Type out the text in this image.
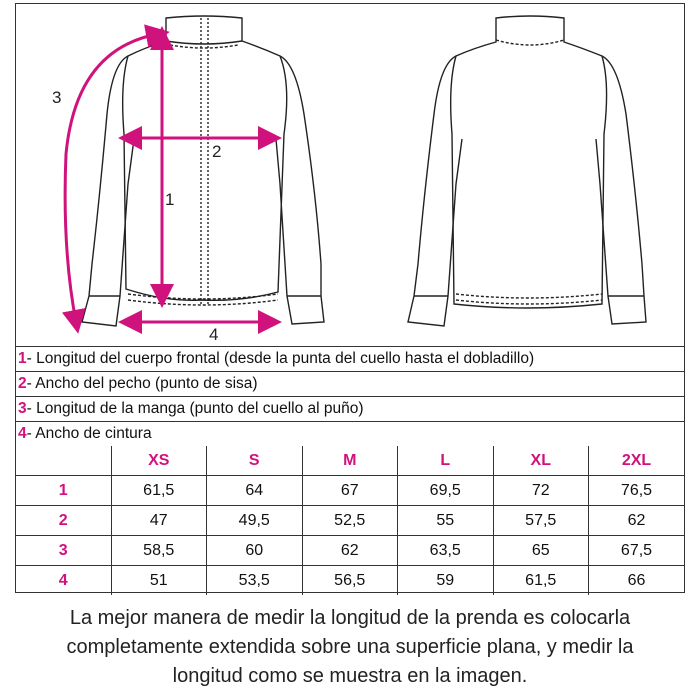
1
2
3
4
1- Longitud del cuerpo frontal (desde la punta del cuello hasta el dobladillo)
2- Ancho del pecho (punto de sisa)
3- Longitud de la manga (punto del cuello al puño)
4- Ancho de cintura
	XS	S	M	L	XL	2XL
1	61,5	64	67	69,5	72	76,5
2	47	49,5	52,5	55	57,5	62
3	58,5	60	62	63,5	65	67,5
4	51	53,5	56,5	59	61,5	66
La mejor manera de medir la longitud de la prenda es colocarla
completamente extendida sobre una superficie plana, y medir la
longitud como se muestra en la imagen.
